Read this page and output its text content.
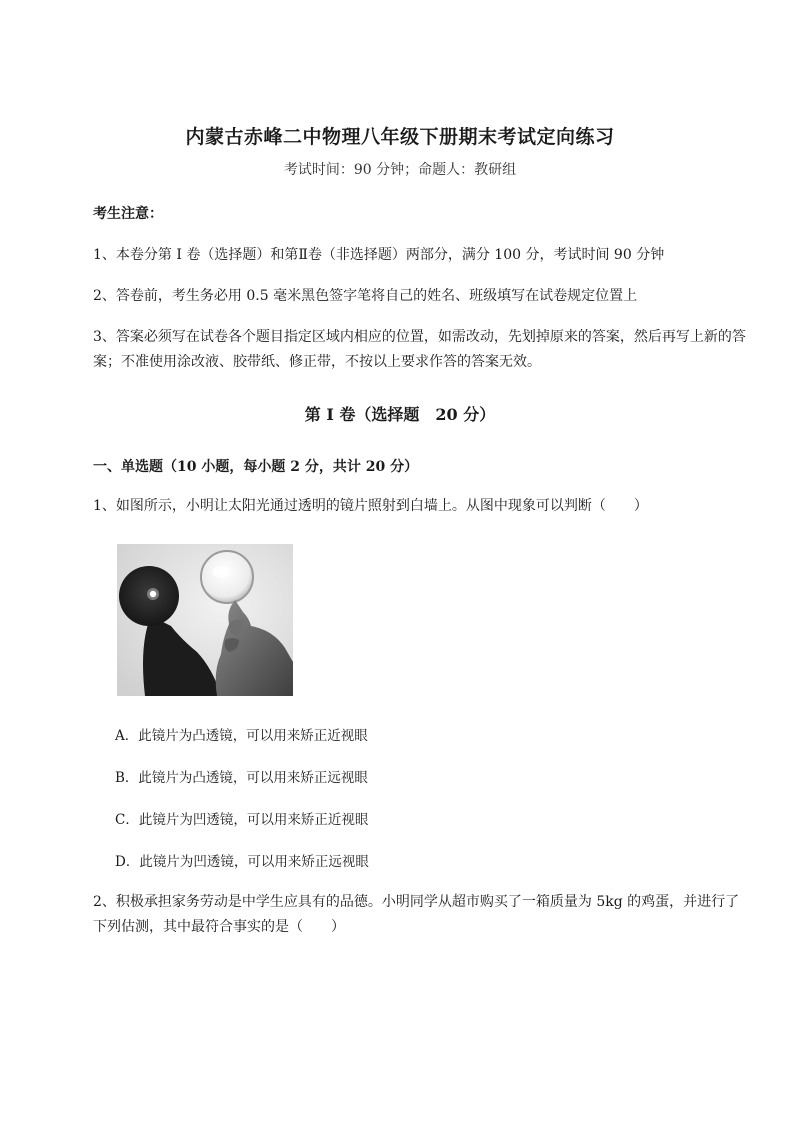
内蒙古赤峰二中物理八年级下册期末考试定向练习
考试时间：90 分钟；命题人：教研组
考生注意：
1、本卷分第 I 卷（选择题）和第Ⅱ卷（非选择题）两部分，满分 100 分，考试时间 90 分钟
2、答卷前，考生务必用 0.5 毫米黑色签字笔将自己的姓名、班级填写在试卷规定位置上
3、答案必须写在试卷各个题目指定区域内相应的位置，如需改动，先划掉原来的答案，然后再写上新的答案；不准使用涂改液、胶带纸、修正带，不按以上要求作答的答案无效。
第 I 卷（选择题　20 分）
一、单选题（10 小题，每小题 2 分，共计 20 分）
1、如图所示，小明让太阳光通过透明的镜片照射到白墙上。从图中现象可以判断（　　）
A．此镜片为凸透镜，可以用来矫正近视眼
B．此镜片为凸透镜，可以用来矫正远视眼
C．此镜片为凹透镜，可以用来矫正近视眼
D．此镜片为凹透镜，可以用来矫正远视眼
2、积极承担家务劳动是中学生应具有的品德。小明同学从超市购买了一箱质量为 5kg 的鸡蛋，并进行了下列估测，其中最符合事实的是（　　）
